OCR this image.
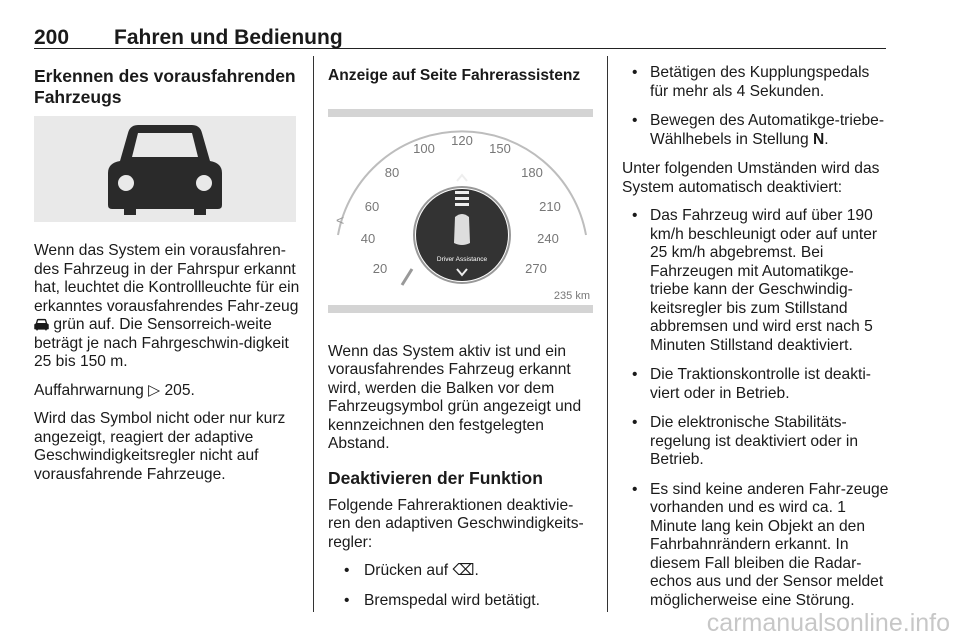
200 Fahren und Bedienung
Erkennen des vorausfahrenden Fahrzeugs

Wenn das System ein vorausfahren-des Fahrzeug in der Fahrspur erkannt hat, leuchtet die Kontrollleuchte für ein erkanntes vorausfahrendes Fahr-zeug  grün auf. Die Sensorreich-weite beträgt je nach Fahrgeschwin-digkeit 25 bis 150 m.

Auffahrwarnung ▷ 205.

Wird das Symbol nicht oder nur kurz angezeigt, reagiert der adaptive Geschwindigkeitsregler nicht auf vorausfahrende Fahrzeuge.

Anzeige auf Seite Fahrerassistenz
Driver Assistance
20
40
60
80
100
120
150
180
210
240
270
<
235 km

Wenn das System aktiv ist und ein vorausfahrendes Fahrzeug erkannt wird, werden die Balken vor dem Fahrzeugsymbol grün angezeigt und kennzeichnen den festgelegten Abstand.

Deaktivieren der Funktion

Folgende Fahreraktionen deaktivie-ren den adaptiven Geschwindigkeits-regler:

• Drücken auf ⌫.
• Bremspedal wird betätigt.
• Betätigen des Kupplungspedals für mehr als 4 Sekunden.
• Bewegen des Automatikge-triebe-Wählhebels in Stellung N.

Unter folgenden Umständen wird das System automatisch deaktiviert:

• Das Fahrzeug wird auf über 190 km/h beschleunigt oder auf unter 25 km/h abgebremst. Bei Fahrzeugen mit Automatikge-triebe kann der Geschwindig-keitsregler bis zum Stillstand abbremsen und wird erst nach 5 Minuten Stillstand deaktiviert.
• Die Traktionskontrolle ist deakti-viert oder in Betrieb.
• Die elektronische Stabilitäts-regelung ist deaktiviert oder in Betrieb.
• Es sind keine anderen Fahr-zeuge vorhanden und es wird ca. 1 Minute lang kein Objekt an den Fahrbahnrändern erkannt. In diesem Fall bleiben die Radar-echos aus und der Sensor meldet möglicherweise eine Störung.
carmanualsonline.info
